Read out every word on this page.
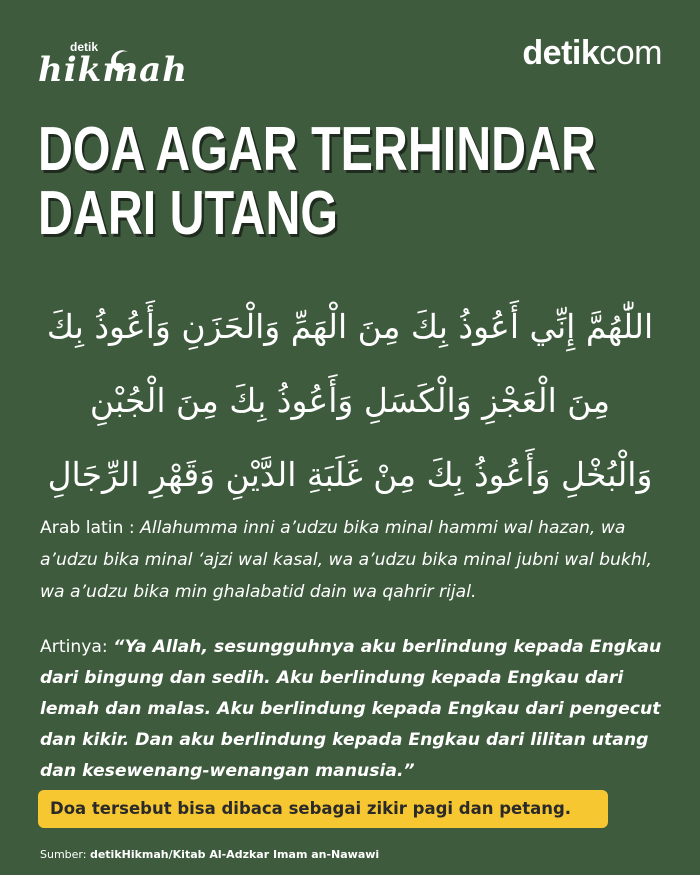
detik
hikmah	detikcom
DOA AGAR TERHINDAR
DARI UTANG
اللّٰهُمَّ إِنِّي أَعُوذُ بِكَ مِنَ الْهَمِّ وَالْحَزَنِ وَأَعُوذُ بِكَ
مِنَ الْعَجْزِ وَالْكَسَلِ وَأَعُوذُ بِكَ مِنَ الْجُبْنِ
وَالْبُخْلِ وَأَعُوذُ بِكَ مِنْ غَلَبَةِ الدَّيْنِ وَقَهْرِ الرِّجَالِ
Arab latin : Allahumma inni a’udzu bika minal hammi wal hazan, wa a’udzu bika minal ‘ajzi wal kasal, wa a’udzu bika minal jubni wal bukhl, wa a’udzu bika min ghalabatid dain wa qahrir rijal.
Artinya: “Ya Allah, sesungguhnya aku berlindung kepada Engkau dari bingung dan sedih. Aku berlindung kepada Engkau dari lemah dan malas. Aku berlindung kepada Engkau dari pengecut dan kikir. Dan aku berlindung kepada Engkau dari lilitan utang dan kesewenang-wenangan manusia.”
Doa tersebut bisa dibaca sebagai zikir pagi dan petang.
Sumber: detikHikmah/Kitab Al-Adzkar Imam an-Nawawi
